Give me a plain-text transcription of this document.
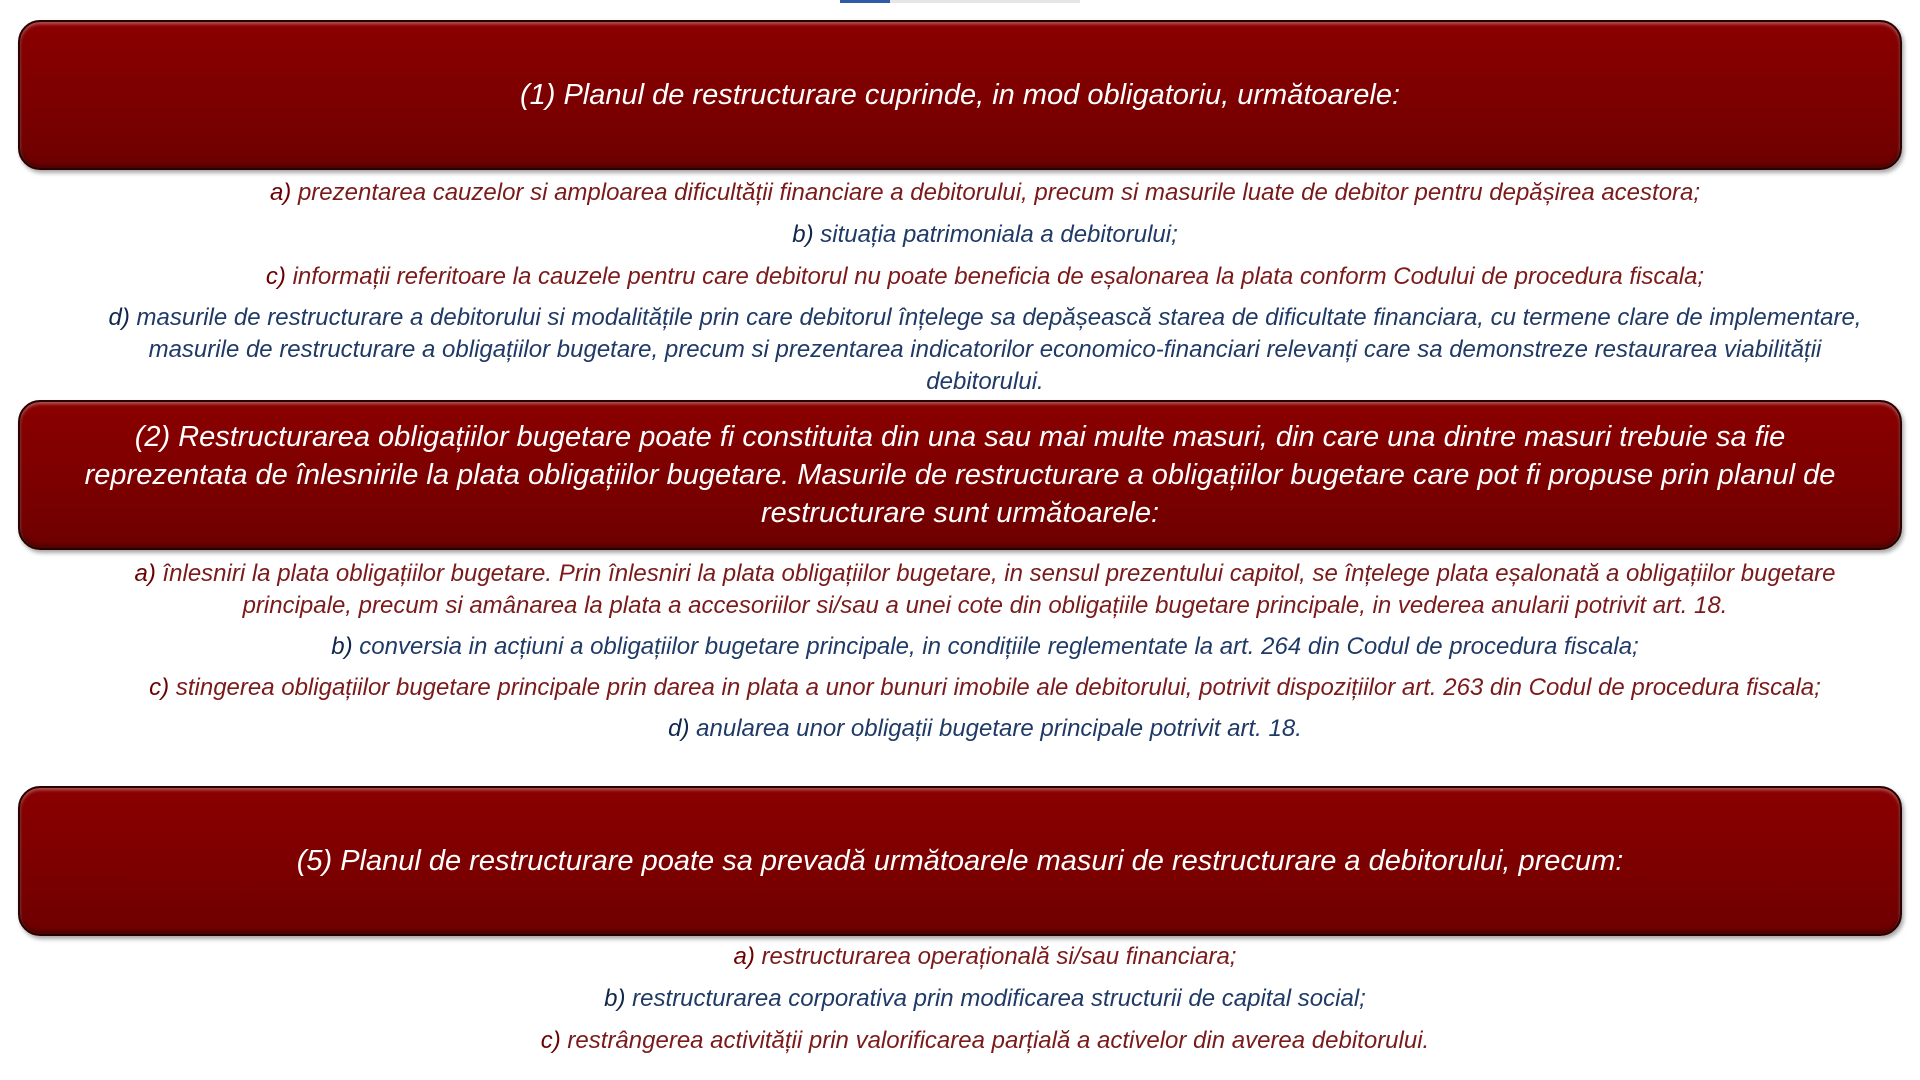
(1) Planul de restructurare cuprinde, in mod obligatoriu, următoarele:

a) prezentarea cauzelor si amploarea dificultății financiare a debitorului, precum si masurile luate de debitor pentru depășirea acestora;

b) situația patrimoniala a debitorului;

c) informații referitoare la cauzele pentru care debitorul nu poate beneficia de eșalonarea la plata conform Codului de procedura fiscala;

d) masurile de restructurare a debitorului si modalitățile prin care debitorul înțelege sa depășească starea de dificultate financiara, cu termene clare de implementare, masurile de restructurare a obligațiilor bugetare, precum si prezentarea indicatorilor economico-financiari relevanți care sa demonstreze restaurarea viabilității debitorului.

(2) Restructurarea obligațiilor bugetare poate fi constituita din una sau mai multe masuri, din care una dintre masuri trebuie sa fie reprezentata de înlesnirile la plata obligațiilor bugetare. Masurile de restructurare a obligațiilor bugetare care pot fi propuse prin planul de restructurare sunt următoarele:

a) înlesniri la plata obligațiilor bugetare. Prin înlesniri la plata obligațiilor bugetare, in sensul prezentului capitol, se înțelege plata eșalonată a obligațiilor bugetare principale, precum si amânarea la plata a accesoriilor si/sau a unei cote din obligațiile bugetare principale, in vederea anularii potrivit art. 18.

b) conversia in acțiuni a obligațiilor bugetare principale, in condițiile reglementate la art. 264 din Codul de procedura fiscala;

c) stingerea obligațiilor bugetare principale prin darea in plata a unor bunuri imobile ale debitorului, potrivit dispozițiilor art. 263 din Codul de procedura fiscala;

d) anularea unor obligații bugetare principale potrivit art. 18.

(5) Planul de restructurare poate sa prevadă următoarele masuri de restructurare a debitorului, precum:

a) restructurarea operațională si/sau financiara;

b) restructurarea corporativa prin modificarea structurii de capital social;

c) restrângerea activității prin valorificarea parțială a activelor din averea debitorului.
